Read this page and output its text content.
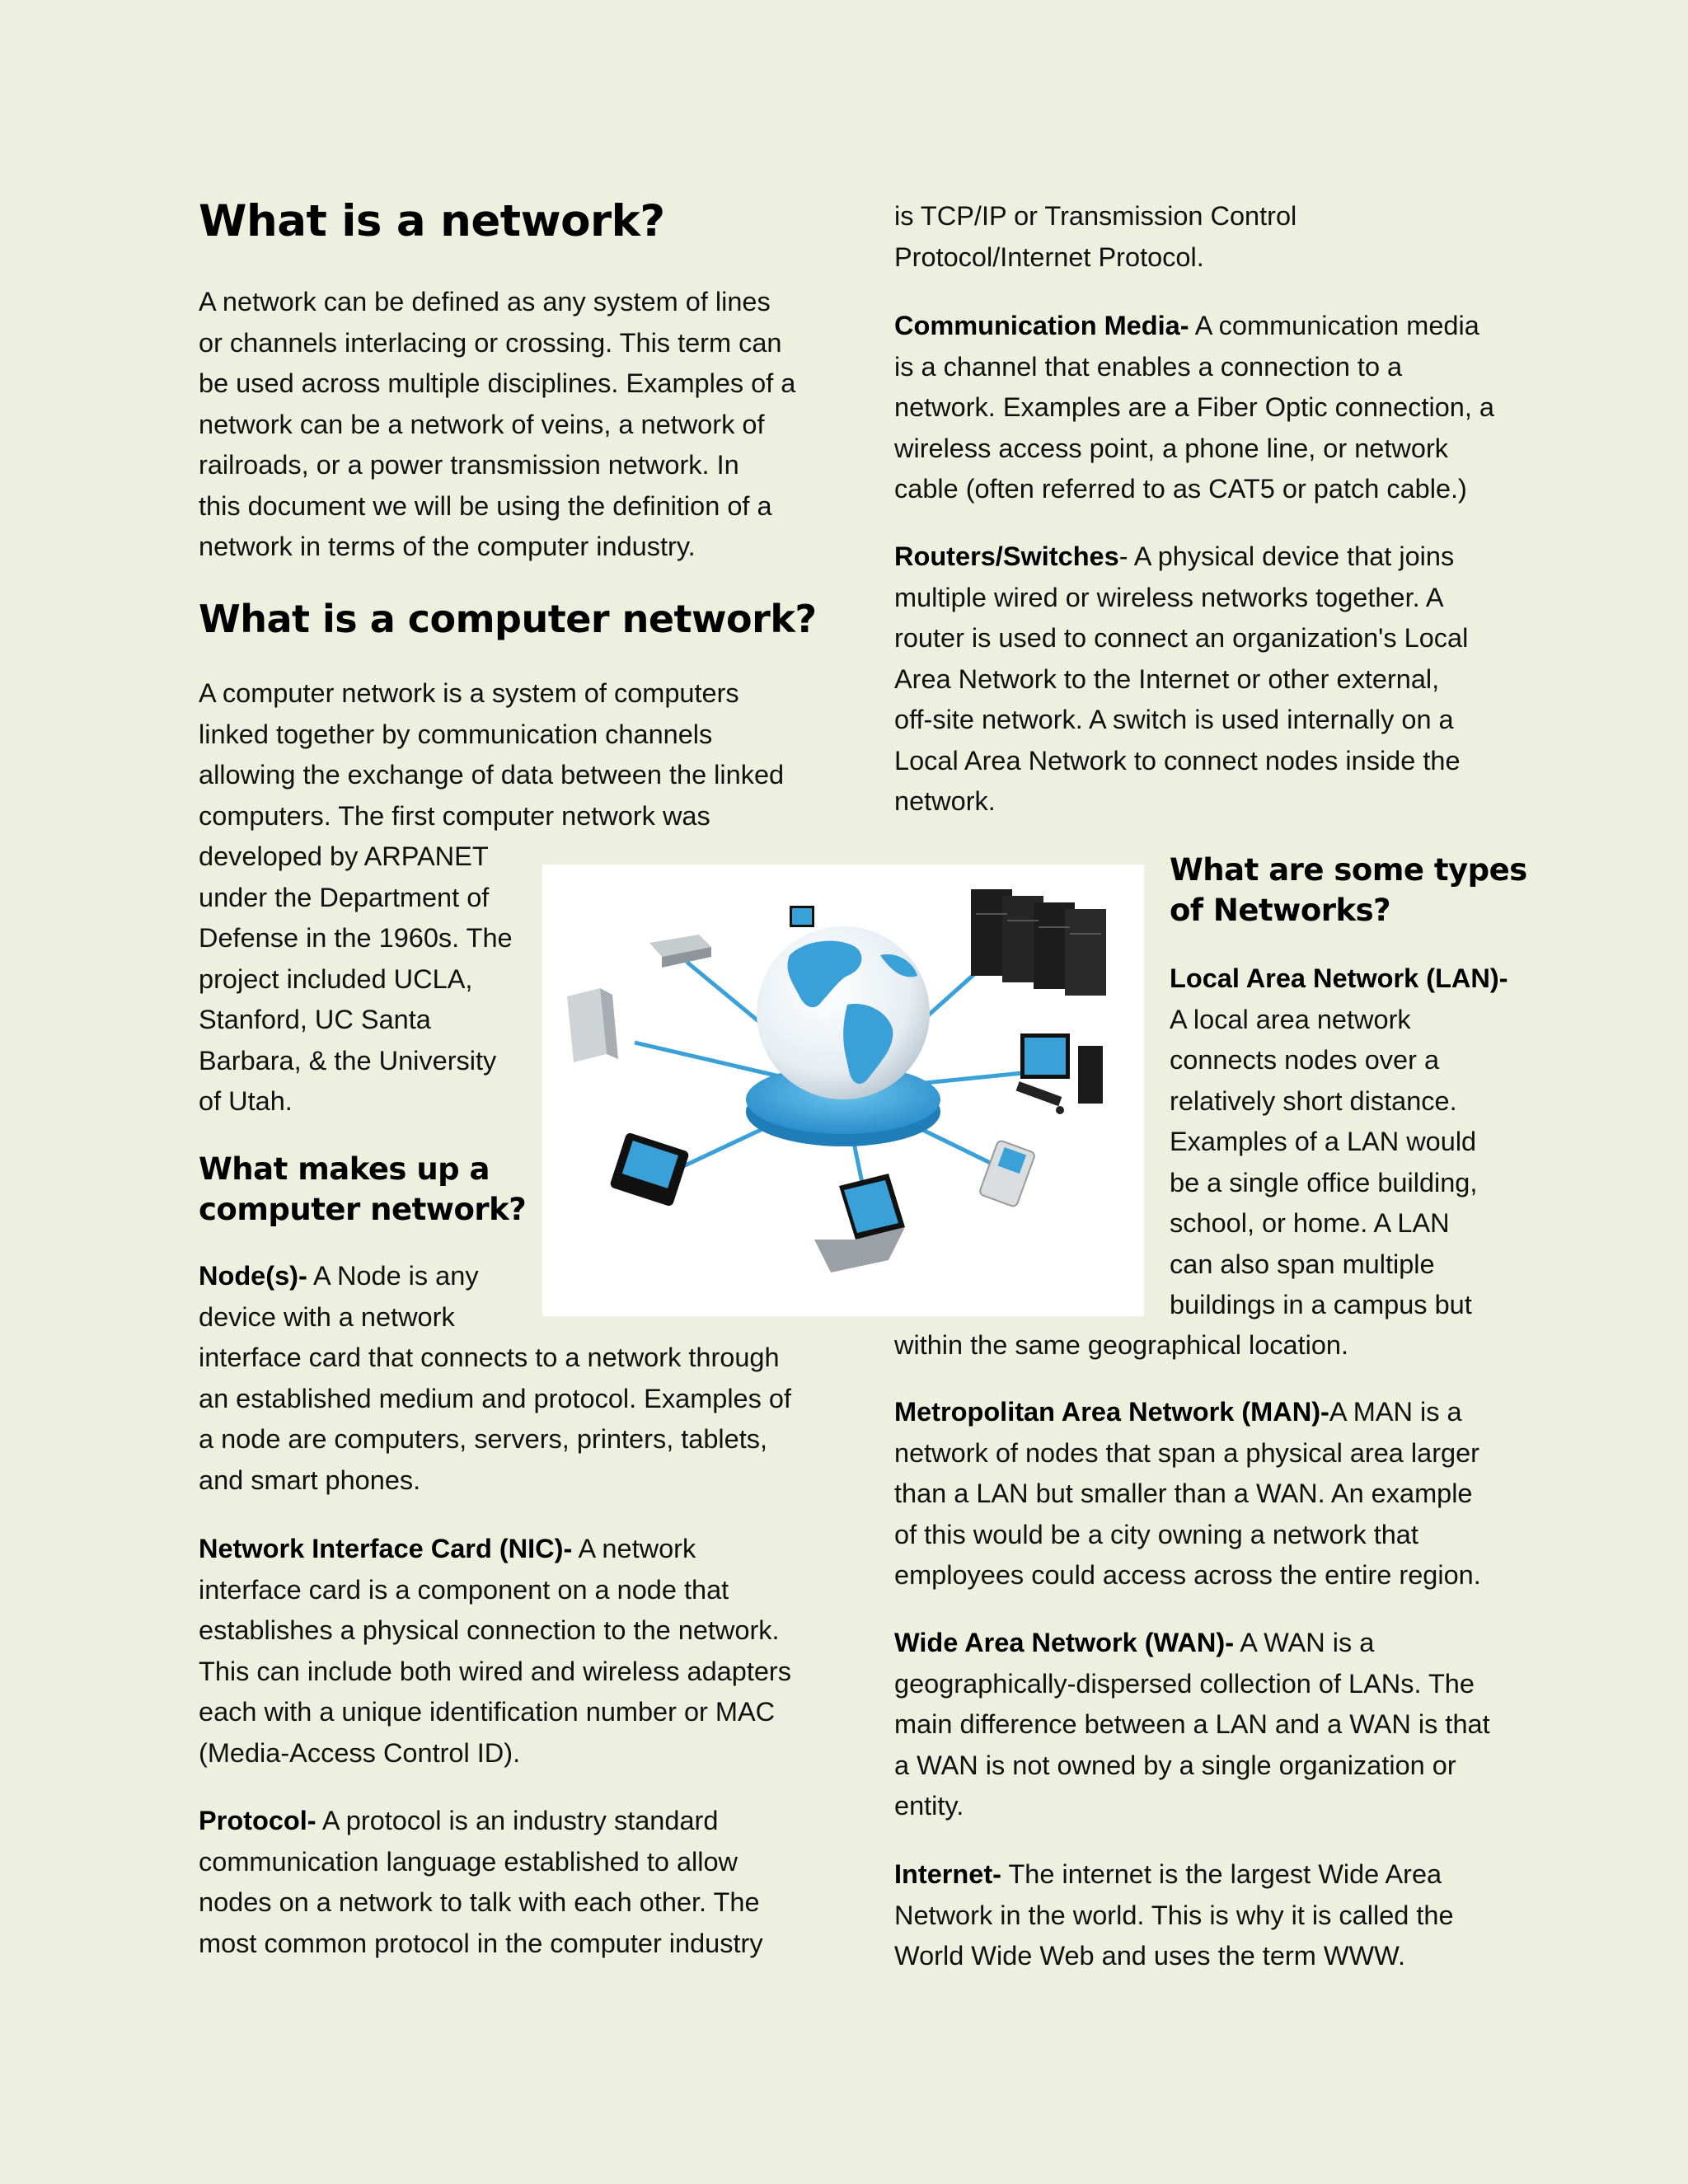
What is a network?

A network can be defined as any system of lines
or channels interlacing or crossing. This term can
be used across multiple disciplines. Examples of a
network can be a network of veins, a network of
railroads, or a power transmission network. In
this document we will be using the definition of a
network in terms of the computer industry.

What is a computer network?

A computer network is a system of computers
linked together by communication channels
allowing the exchange of data between the linked
computers. The first computer network was
developed by ARPANET
under the Department of
Defense in the 1960s. The
project included UCLA,
Stanford, UC Santa
Barbara, & the University
of Utah.

What makes up a
computer network?

Node(s)- A Node is any
device with a network
interface card that connects to a network through
an established medium and protocol. Examples of
a node are computers, servers, printers, tablets,
and smart phones.

Network Interface Card (NIC)- A network
interface card is a component on a node that
establishes a physical connection to the network.
This can include both wired and wireless adapters
each with a unique identification number or MAC
(Media-Access Control ID).

Protocol- A protocol is an industry standard
communication language established to allow
nodes on a network to talk with each other. The
most common protocol in the computer industry

is TCP/IP or Transmission Control
Protocol/Internet Protocol.

Communication Media- A communication media
is a channel that enables a connection to a
network. Examples are a Fiber Optic connection, a
wireless access point, a phone line, or network
cable (often referred to as CAT5 or patch cable.)

Routers/Switches- A physical device that joins
multiple wired or wireless networks together. A
router is used to connect an organization's Local
Area Network to the Internet or other external,
off-site network. A switch is used internally on a
Local Area Network to connect nodes inside the
network.

What are some types
of Networks?

Local Area Network (LAN)-
A local area network
connects nodes over a
relatively short distance.
Examples of a LAN would
be a single office building,
school, or home. A LAN
can also span multiple
buildings in a campus but

within the same geographical location.

Metropolitan Area Network (MAN)-A MAN is a
network of nodes that span a physical area larger
than a LAN but smaller than a WAN. An example
of this would be a city owning a network that
employees could access across the entire region.

Wide Area Network (WAN)- A WAN is a
geographically-dispersed collection of LANs. The
main difference between a LAN and a WAN is that
a WAN is not owned by a single organization or
entity.

Internet- The internet is the largest Wide Area
Network in the world. This is why it is called the
World Wide Web and uses the term WWW.
